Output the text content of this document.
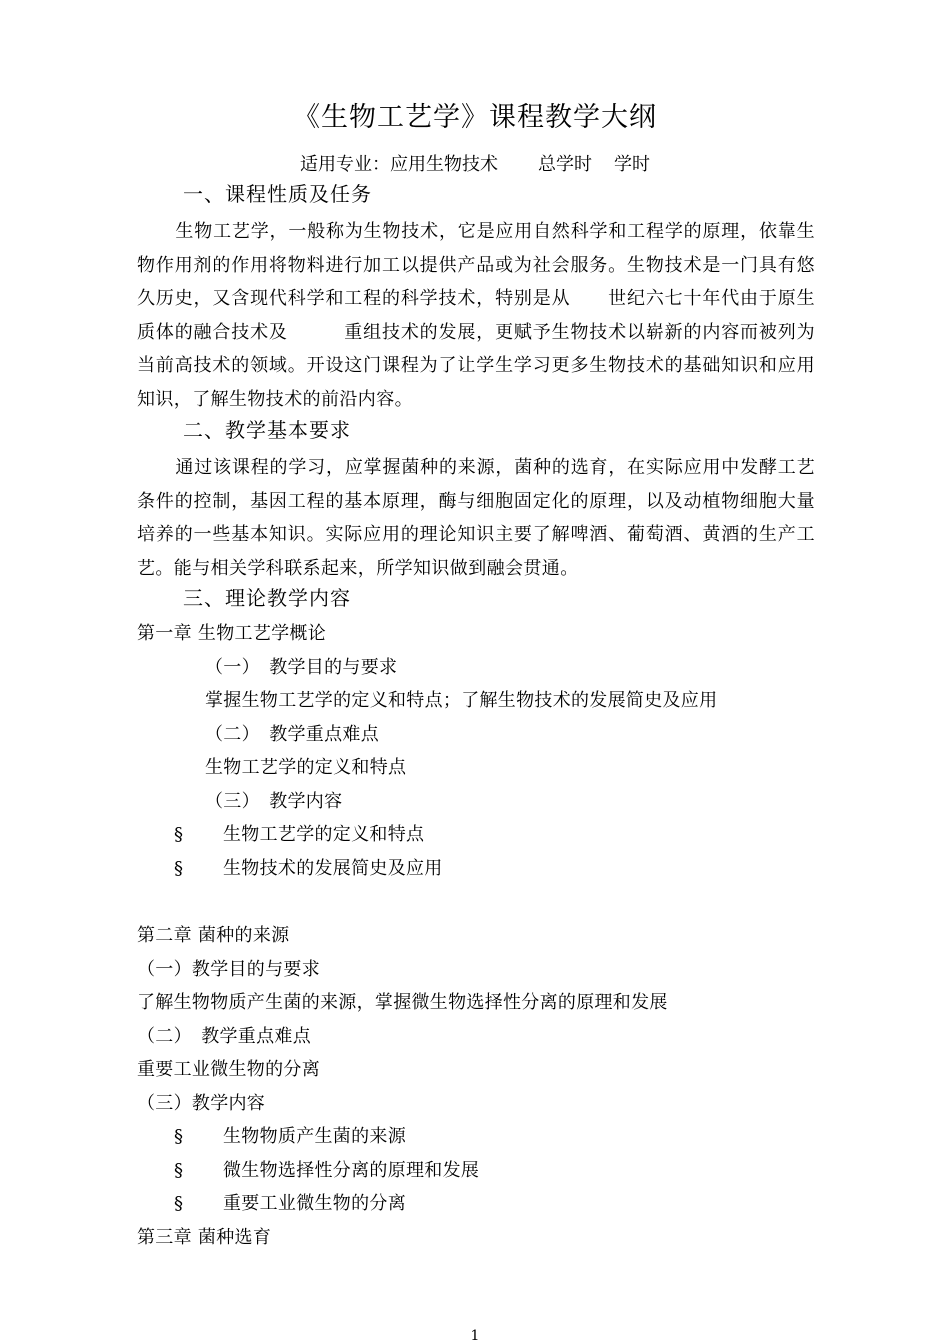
《生物工艺学》课程教学大纲
适用专业：应用生物技术 总学时 学时
一、课程性质及任务
生物工艺学，一般称为生物技术，它是应用自然科学和工程学的原理，依靠生物作用剂的作用将物料进行加工以提供产品或为社会服务。生物技术是一门具有悠久历史，又含现代科学和工程的科学技术，特别是从　　世纪六七十年代由于原生质体的融合技术及　　　重组技术的发展，更赋予生物技术以崭新的内容而被列为当前高技术的领域。开设这门课程为了让学生学习更多生物技术的基础知识和应用知识，了解生物技术的前沿内容。
二、教学基本要求
通过该课程的学习，应掌握菌种的来源，菌种的选育，在实际应用中发酵工艺条件的控制，基因工程的基本原理，酶与细胞固定化的原理，以及动植物细胞大量培养的一些基本知识。实际应用的理论知识主要了解啤酒、葡萄酒、黄酒的生产工艺。能与相关学科联系起来，所学知识做到融会贯通。
三、理论教学内容
第一章 生物工艺学概论
（一）　教学目的与要求
掌握生物工艺学的定义和特点；了解生物技术的发展简史及应用
（二）　教学重点难点
生物工艺学的定义和特点
（三）　教学内容
§ 生物工艺学的定义和特点
§ 生物技术的发展简史及应用
第二章 菌种的来源
（一）教学目的与要求
了解生物物质产生菌的来源，掌握微生物选择性分离的原理和发展
（二）　教学重点难点
重要工业微生物的分离
（三）教学内容
§ 生物物质产生菌的来源
§ 微生物选择性分离的原理和发展
§ 重要工业微生物的分离
第三章 菌种选育
1
